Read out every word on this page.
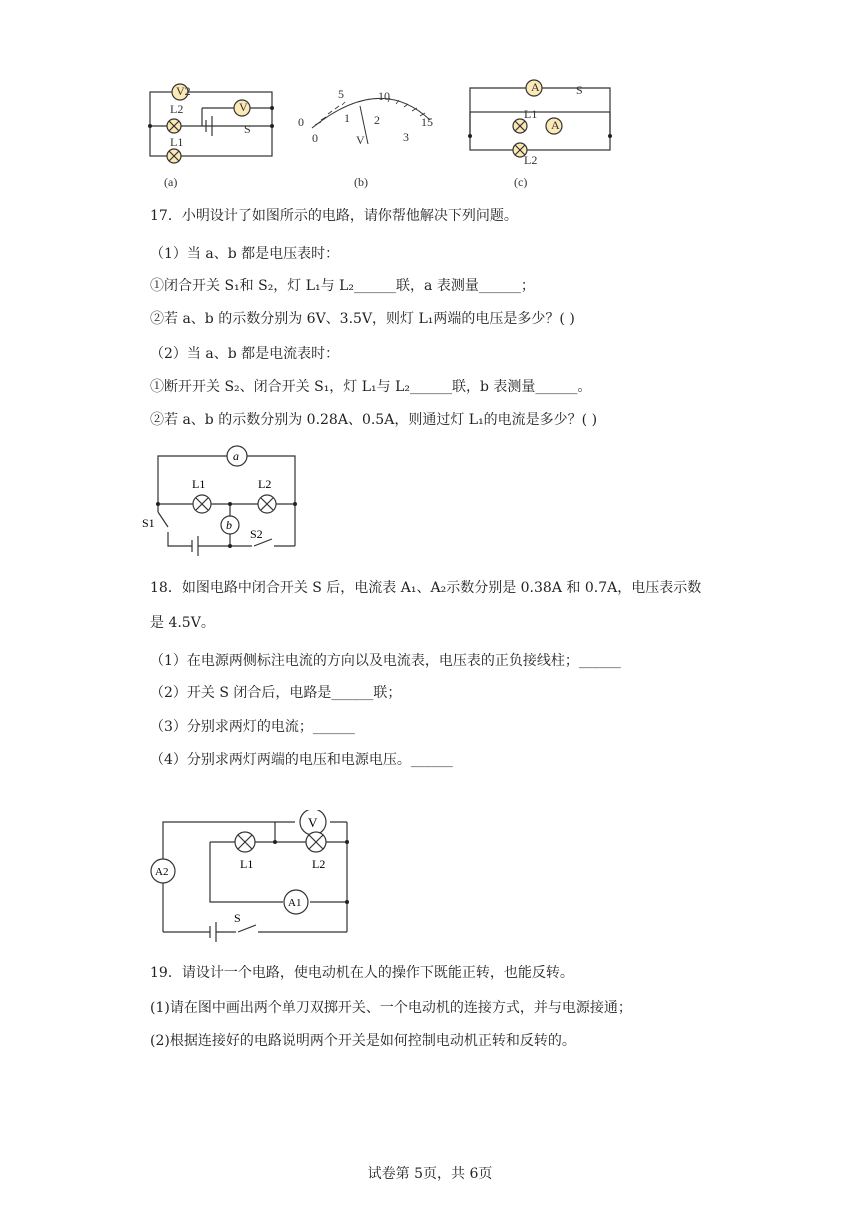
V2
V
L2
L1
S
(a)
0
0
5	10
15
1 2
3
V
(b)
A
A
L1
L2
S
(c)
17．小明设计了如图所示的电路，请你帮他解决下列问题。
（1）当 a、b 都是电压表时：
①闭合开关 S₁和 S₂，灯 L₁与 L₂______联，a 表测量______；
②若 a、b 的示数分别为 6V、3.5V，则灯 L₁两端的电压是多少？( )
（2）当 a、b 都是电流表时：
①断开开关 S₂、闭合开关 S₁，灯 L₁与 L₂______联，b 表测量______。
②若 a、b 的示数分别为 0.28A、0.5A，则通过灯 L₁的电流是多少？( )
a
b
L1	L2
S1
S2
18．如图电路中闭合开关 S 后，电流表 A₁、A₂示数分别是 0.38A 和 0.7A，电压表示数
是 4.5V。
（1）在电源两侧标注电流的方向以及电流表，电压表的正负接线柱；______
（2）开关 S 闭合后，电路是______联；
（3）分别求两灯的电流；______
（4）分别求两灯两端的电压和电源电压。______
V
A2
A1
L1	L2
S
19．请设计一个电路，使电动机在人的操作下既能正转，也能反转。
(1)请在图中画出两个单刀双掷开关、一个电动机的连接方式，并与电源接通；
(2)根据连接好的电路说明两个开关是如何控制电动机正转和反转的。
试卷第 5页，共 6页
